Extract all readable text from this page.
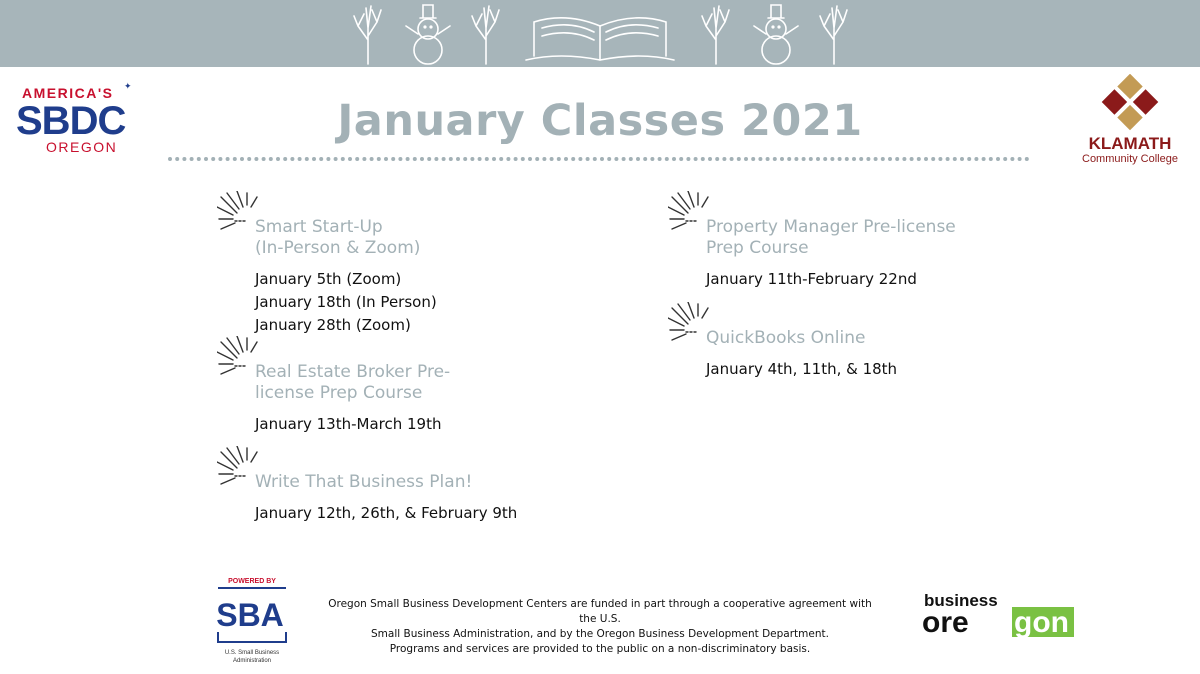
AMERICA'S ✦
SBDC
OREGON
January Classes 2021	KLAMATH
Community College
Smart Start-Up
(In-Person & Zoom)
January 5th (Zoom)
January 18th (In Person)
January 28th (Zoom)
Real Estate Broker Pre-
license Prep Course
January 13th-March 19th
Write That Business Plan!
January 12th, 26th, & February 9th
Property Manager Pre-license
Prep Course
January 11th-February 22nd
QuickBooks Online
January 4th, 11th, & 18th
POWERED BY
SBA
U.S. Small Business
Administration
Oregon Small Business Development Centers are funded in part through a cooperative agreement with the U.S.
Small Business Administration, and by the Oregon Business Development Department.
Programs and services are provided to the public on a non-discriminatory basis.
business
ore gon
